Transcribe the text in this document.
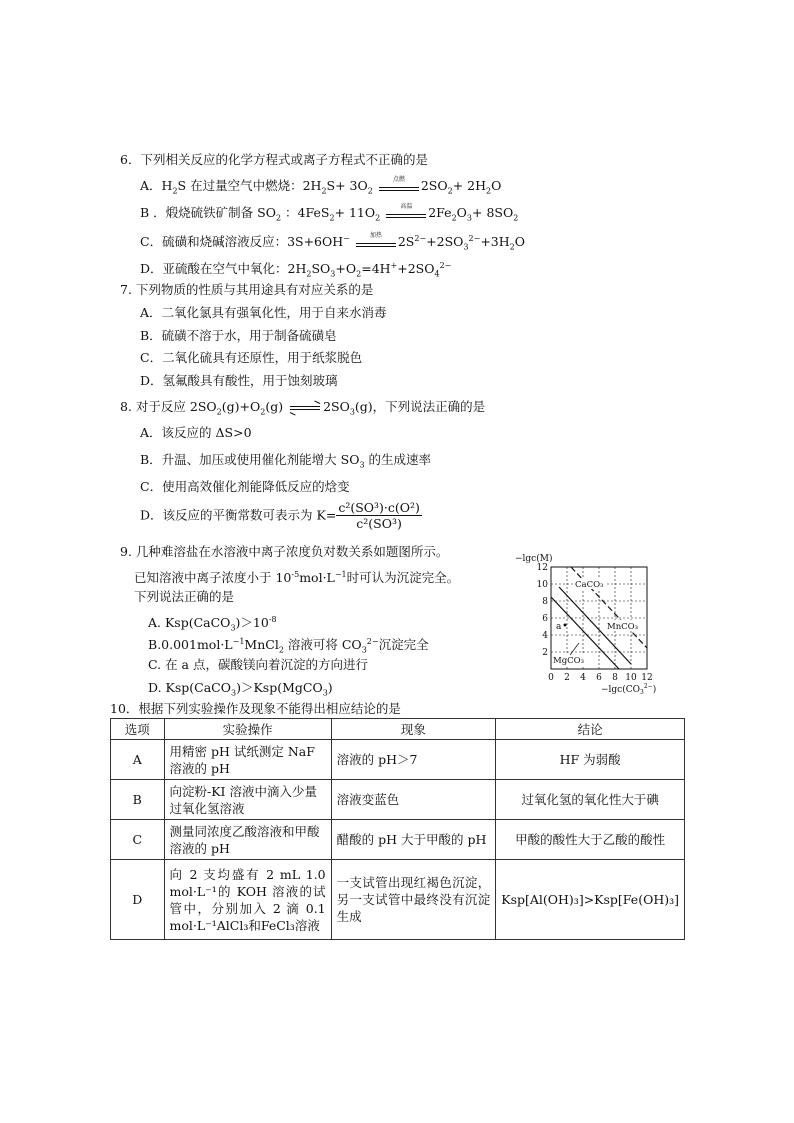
6．下列相关反应的化学方程式或离子方程式不正确的是
A．$H_2S$ 在过量空气中燃烧：$2H_2S+ 3O_2$
点燃	$2SO_2+ 2H_2O$
B ．煅烧硫铁矿制备 $SO_2$ ：$4FeS_2+ 11O_2$
高温	$2Fe_2O_3+ 8SO_2$
C．硫磺和烧碱溶液反应：3S+6OH−	加热	$2S^{2-}+2SO_3^{2-}+3H_2O$
D．亚硫酸在空气中氧化：$2H_2SO_3+O_2=4H^++2SO_4^{2-}$
7. 下列物质的性质与其用途具有对应关系的是
A．二氧化氯具有强氧化性，用于自来水消毒
B．硫磺不溶于水，用于制备硫磺皂
C．二氧化硫具有还原性，用于纸浆脱色
D．氢氟酸具有酸性，用于蚀刻玻璃
8. 对于反应 $2SO_2(g)+O_2(g)$ ⇌ $2SO_3(g)$，下列说法正确的是
A．该反应的 ΔS>0
B．升温、加压或使用催化剂能增大 $SO_3$ 的生成速率
C．使用高效催化剂能降低反应的焓变
D．该反应的平衡常数可表示为 $K= \frac{\text{c²(SO³)·c(O²)}}{\text{c²(SO³)}}$
9. 几种难溶盐在水溶液中离子浓度负对数关系如题图所示。
已知溶液中离子浓度小于 $10^{-5}mol\cdot L^{-1}$时可认为沉淀完全。
下列说法正确的是
A. $Ksp(CaCO_3)>10^{-8}$
$B.0.001mol\cdot L^{-1}MnCl_2$ 溶液可将 $CO_3^{2-}$沉淀完全
C. 在 a 点，碳酸镁向着沉淀的方向进行
D. Ksp(CaCO$_3$)＞Ksp(MgCO$_3$)
−lgc(M)
a
CaCO₃
MnCO₃
MgCO₃
2
4
6
8
10
12
0 2 4 6 8 10 12
$-\lg c(CO_3^{2-})$
10．根据下列实验操作及现象不能得出相应结论的是
选项	实验操作	现象	结论
A	用精密 pH 试纸测定 NaF 溶液的 pH	溶液的 pH＞7	HF 为弱酸
B	向淀粉-KI 溶液中滴入少量过氧化氢溶液	溶液变蓝色	过氧化氢的氧化性大于碘
C	测量同浓度乙酸溶液和甲酸溶液的 pH	醋酸的 pH 大于甲酸的 pH	甲酸的酸性大于乙酸的酸性
D	向 2 支均盛有 2 mL 1.0 mol·L⁻¹的 KOH 溶液的试管中，分别加入 2 滴 0.1 mol·L⁻¹AlCl₃和FeCl₃溶液	一支试管出现红褐色沉淀，另一支试管中最终没有沉淀生成	Ksp[Al(OH)₃]>Ksp[Fe(OH)₃]
